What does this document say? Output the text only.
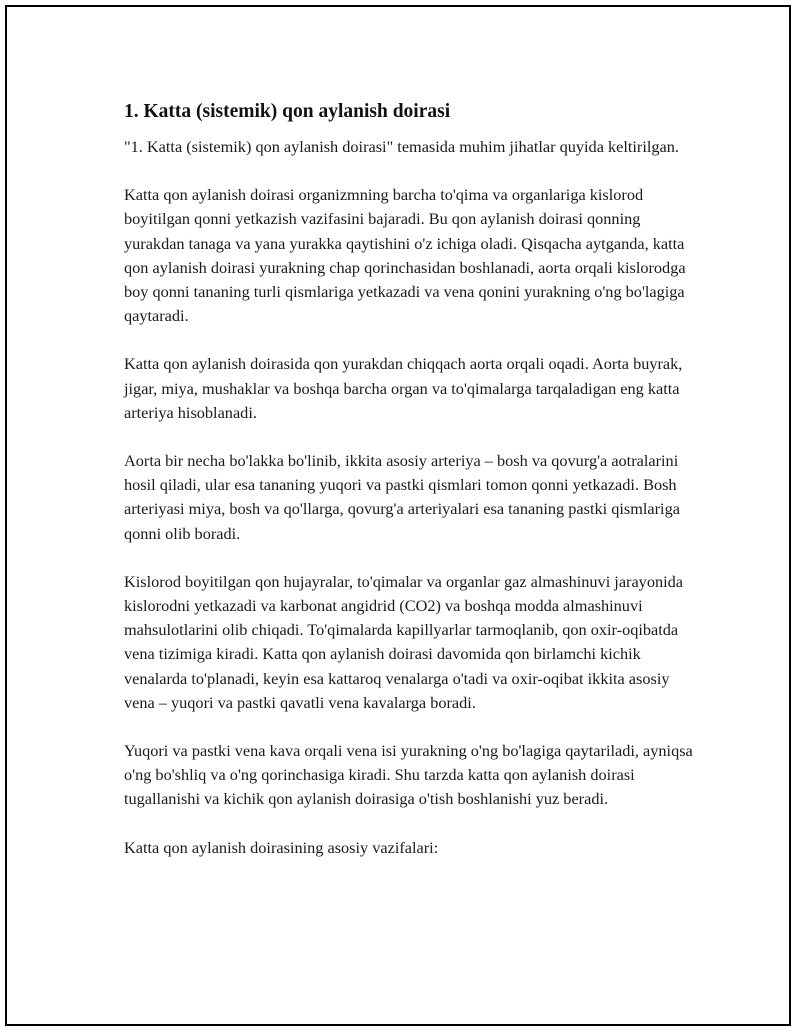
1. Katta (sistemik) qon aylanish doirasi

"1. Katta (sistemik) qon aylanish doirasi" temasida muhim jihatlar quyida keltirilgan.

Katta qon aylanish doirasi organizmning barcha to'qima va organlariga kislorod boyitilgan qonni yetkazish vazifasini bajaradi. Bu qon aylanish doirasi qonning yurakdan tanaga va yana yurakka qaytishini o'z ichiga oladi. Qisqacha aytganda, katta qon aylanish doirasi yurakning chap qorinchasidan boshlanadi, aorta orqali kislorodga boy qonni tananing turli qismlariga yetkazadi va vena qonini yurakning o'ng bo'lagiga qaytaradi.

Katta qon aylanish doirasida qon yurakdan chiqqach aorta orqali oqadi. Aorta buyrak, jigar, miya, mushaklar va boshqa barcha organ va to'qimalarga tarqaladigan eng katta arteriya hisoblanadi.

Aorta bir necha bo'lakka bo'linib, ikkita asosiy arteriya – bosh va qovurg'a aotralarini hosil qiladi, ular esa tananing yuqori va pastki qismlari tomon qonni yetkazadi. Bosh arteriyasi miya, bosh va qo'llarga, qovurg'a arteriyalari esa tananing pastki qismlariga qonni olib boradi.

Kislorod boyitilgan qon hujayralar, to'qimalar va organlar gaz almashinuvi jarayonida kislorodni yetkazadi va karbonat angidrid (CO2) va boshqa modda almashinuvi mahsulotlarini olib chiqadi. To'qimalarda kapillyarlar tarmoqlanib, qon oxir-oqibatda vena tizimiga kiradi. Katta qon aylanish doirasi davomida qon birlamchi kichik venalarda to'planadi, keyin esa kattaroq venalarga o'tadi va oxir-oqibat ikkita asosiy vena – yuqori va pastki qavatli vena kavalarga boradi.

Yuqori va pastki vena kava orqali vena isi yurakning o'ng bo'lagiga qaytariladi, ayniqsa o'ng bo'shliq va o'ng qorinchasiga kiradi. Shu tarzda katta qon aylanish doirasi tugallanishi va kichik qon aylanish doirasiga o'tish boshlanishi yuz beradi.

Katta qon aylanish doirasining asosiy vazifalari:
